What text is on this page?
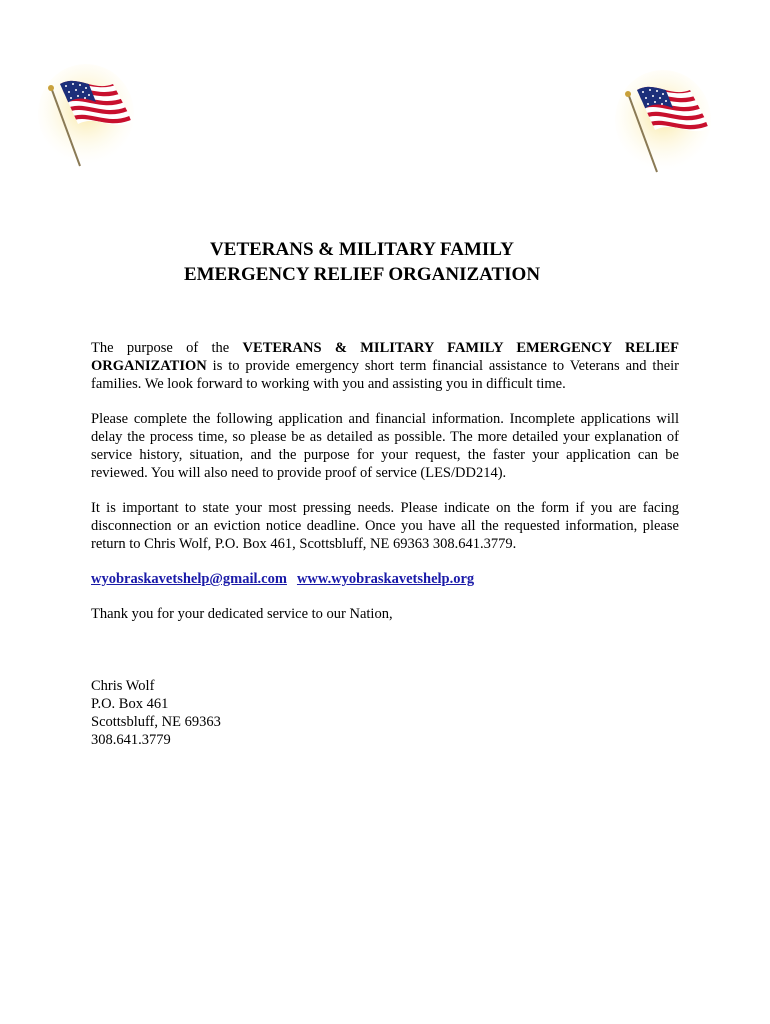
VETERANS & MILITARY FAMILY
EMERGENCY RELIEF ORGANIZATION

The purpose of the VETERANS & MILITARY FAMILY EMERGENCY RELIEF ORGANIZATION is to provide emergency short term financial assistance to Veterans and their families. We look forward to working with you and assisting you in difficult time.

Please complete the following application and financial information. Incomplete applications will delay the process time, so please be as detailed as possible. The more detailed your explanation of service history, situation, and the purpose for your request, the faster your application can be reviewed. You will also need to provide proof of service (LES/DD214).

It is important to state your most pressing needs. Please indicate on the form if you are facing disconnection or an eviction notice deadline. Once you have all the requested information, please return to Chris Wolf, P.O. Box 461, Scottsbluff, NE 69363 308.641.3779.

wyobraskavetshelp@gmail.com www.wyobraskavetshelp.org

Thank you for your dedicated service to our Nation,

Chris Wolf
P.O. Box 461
Scottsbluff, NE 69363
308.641.3779
